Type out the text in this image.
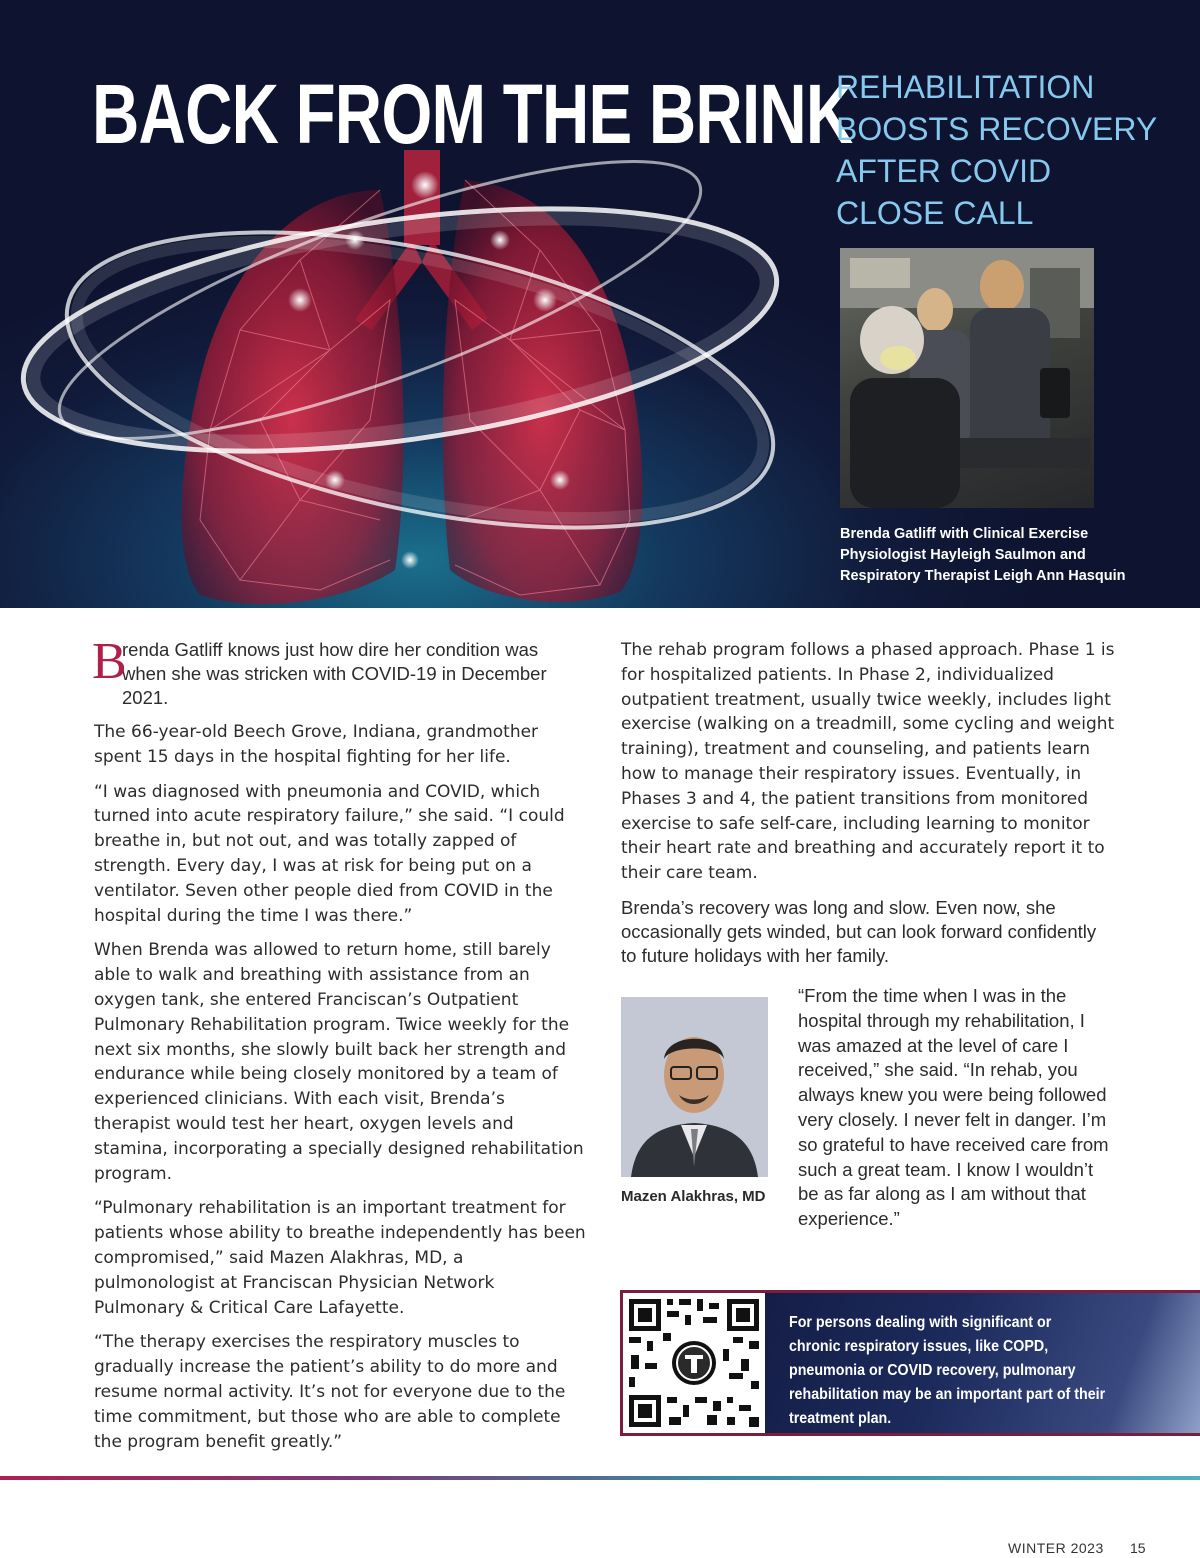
BACK FROM THE BRINK
REHABILITATION
BOOSTS RECOVERY
AFTER COVID
CLOSE CALL
Brenda Gatliff with Clinical Exercise
Physiologist Hayleigh Saulmon and
Respiratory Therapist Leigh Ann Hasquin

B
renda Gatliff knows just how dire her condition was when she was stricken with COVID-19 in December 2021.

The 66-year-old Beech Grove, Indiana, grandmother spent 15 days in the hospital fighting for her life.

“I was diagnosed with pneumonia and COVID, which turned into acute respiratory failure,” she said. “I could breathe in, but not out, and was totally zapped of strength. Every day, I was at risk for being put on a ventilator. Seven other people died from COVID in the hospital during the time I was there.”

When Brenda was allowed to return home, still barely able to walk and breathing with assistance from an oxygen tank, she entered Franciscan’s Outpatient Pulmonary Rehabilitation program. Twice weekly for the next six months, she slowly built back her strength and endurance while being closely monitored by a team of experienced clinicians. With each visit, Brenda’s therapist would test her heart, oxygen levels and stamina, incorporating a specially designed rehabilitation program.

“Pulmonary rehabilitation is an important treatment for patients whose ability to breathe independently has been compromised,” said Mazen Alakhras, MD, a pulmonologist at Franciscan Physician Network Pulmonary & Critical Care Lafayette.

“The therapy exercises the respiratory muscles to gradually increase the patient’s ability to do more and resume normal activity. It’s not for everyone due to the time commitment, but those who are able to complete the program benefit greatly.”

The rehab program follows a phased approach. Phase 1 is for hospitalized patients. In Phase 2, individualized outpatient treatment, usually twice weekly, includes light exercise (walking on a treadmill, some cycling and weight training), treatment and counseling, and patients learn how to manage their respiratory issues. Eventually, in Phases 3 and 4, the patient transitions from monitored exercise to safe self-care, including learning to monitor their heart rate and breathing and accurately report it to their care team.

Brenda’s recovery was long and slow. Even now, she occasionally gets winded, but can look forward confidently to future holidays with her family.

Mazen Alakhras, MD
“From the time when I was in the hospital through my rehabilitation, I was amazed at the level of care I received,” she said. “In rehab, you always knew you were being followed very closely. I never felt in danger. I’m so grateful to have received care from such a great team. I know I wouldn’t be as far along as I am without that experience.”
For persons dealing with significant or chronic respiratory issues, like COPD, pneumonia or COVID recovery, pulmonary rehabilitation may be an important part of their treatment plan.
WINTER 2023 15
